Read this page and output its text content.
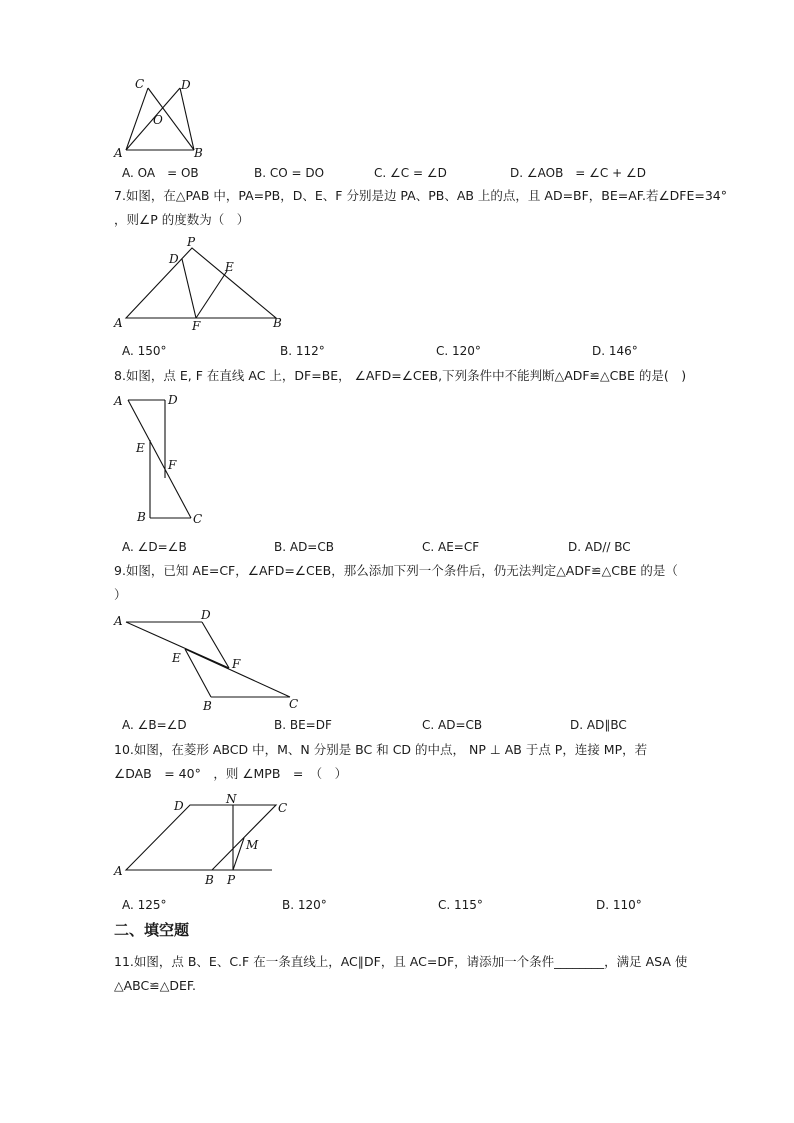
C	D
O
A	B
A. OA　= OB	B. CO = DO	C. ∠C = ∠D	D. ∠AOB　= ∠C + ∠D
7.如图，在△PAB 中，PA=PB，D、E、F 分别是边 PA、PB、AB 上的点，且 AD=BF，BE=AF.若∠DFE=34°
，则∠P 的度数为（　）
P
D
E
A	F	B
A. 150°	B. 112°	C. 120°	D. 146°
8.如图，点 E, F 在直线 AC 上，DF=BE， ∠AFD=∠CEB,下列条件中不能判断△ADF≌△CBE 的是(　)
A	D
E
F
B	C
A. ∠D=∠B	B. AD=CB	C. AE=CF	D. AD// BC
9.如图，已知 AE=CF，∠AFD=∠CEB，那么添加下列一个条件后，仍无法判定△ADF≌△CBE 的是（
）
A	D
E	F
B	C
A. ∠B=∠D	B. BE=DF	C. AD=CB	D. AD∥BC
10.如图，在菱形 ABCD 中，M、N 分别是 BC 和 CD 的中点， NP ⊥ AB 于点 P，连接 MP，若
∠DAB　= 40°　，则 ∠MPB　=　（　）
D	N
C
M
A
B P
A. 125°	B. 120°	C. 115°	D. 110°
二、填空题
11.如图，点 B、E、C.F 在一条直线上，AC∥DF，且 AC=DF，请添加一个条件________，满足 ASA 使
△ABC≌△DEF.
